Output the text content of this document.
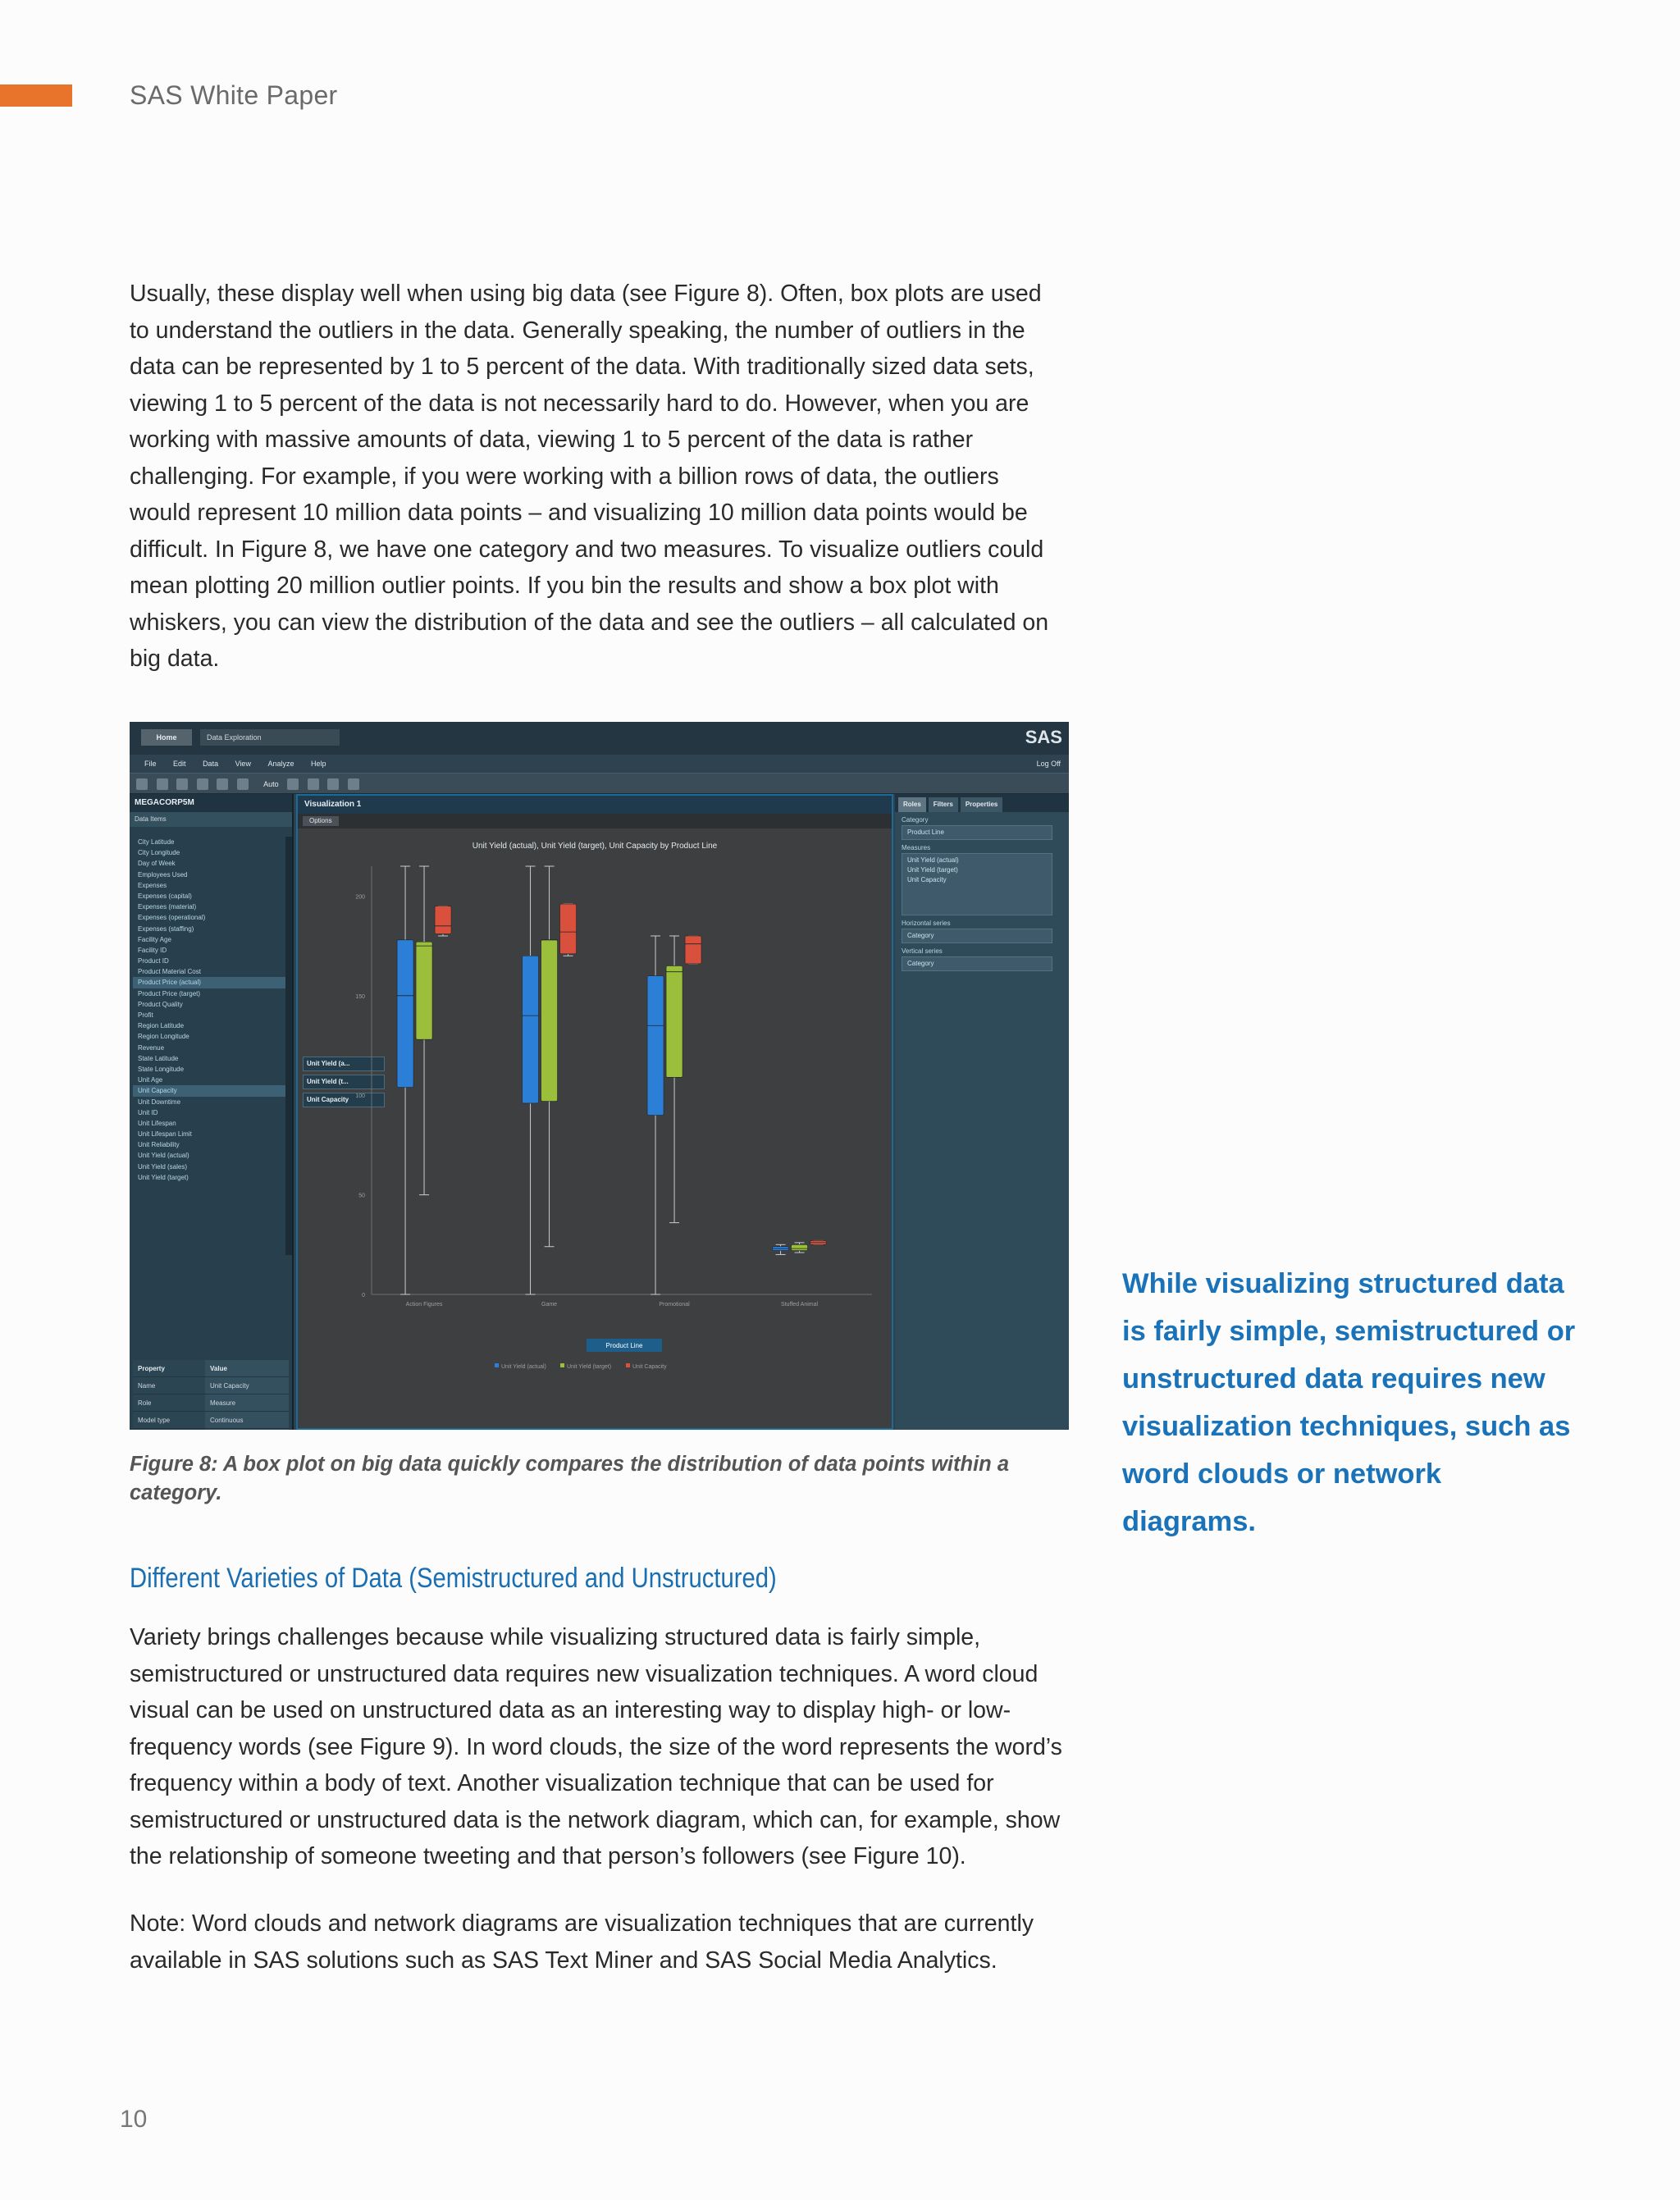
SAS White Paper

Usually, these display well when using big data (see Figure 8). Often, box plots are used to understand the outliers in the data. Generally speaking, the number of outliers in the data can be represented by 1 to 5 percent of the data. With traditionally sized data sets, viewing 1 to 5 percent of the data is not necessarily hard to do. However, when you are working with massive amounts of data, viewing 1 to 5 percent of the data is rather challenging. For example, if you were working with a billion rows of data, the outliers would represent 10 million data points – and visualizing 10 million data points would be difficult. In Figure 8, we have one category and two measures. To visualize outliers could mean plotting 20 million outlier points. If you bin the results and show a box plot with whiskers, you can view the distribution of the data and see the outliers – all calculated on big data.

Home	Data Exploration	SAS
File Edit Data View Analyze Help	Log Off
Auto
MEGACORP5M
Data Items
City Latitude
City Longitude
Day of Week
Employees Used
Expenses
Expenses (capital)
Expenses (material)
Expenses (operational)
Expenses (staffing)
Facility Age
Facility ID
Product ID
Product Material Cost
Product Price (actual)
Product Price (target)
Product Quality
Profit
Region Latitude
Region Longitude
Revenue
State Latitude
State Longitude
Unit Age
Unit Capacity
Unit Downtime
Unit ID
Unit Lifespan
Unit Lifespan Limit
Unit Reliability
Unit Yield (actual)
Unit Yield (sales)
Unit Yield (target)
Property	Value
Name	Unit Capacity
Role	Measure
Model type	Continuous
Visualization 1
Options
Unit Yield (a...
Unit Yield (t...
Unit Capacity
Unit Yield (actual), Unit Yield (target), Unit Capacity by Product Line
0
50
100
150
200
Action Figures	Game	Promotional	Stuffed Animal
Unit Yield (actual)	Unit Yield (target)	Unit Capacity
Product Line
Roles	Filters	Properties
Category
Product Line
Measures
Unit Yield (actual)
Unit Yield (target)
Unit Capacity
Horizontal series
Category
Vertical series
Category
Figure 8: A box plot on big data quickly compares the distribution of data points within a category.
Different Varieties of Data (Semistructured and Unstructured)

Variety brings challenges because while visualizing structured data is fairly simple, semistructured or unstructured data requires new visualization techniques. A word cloud visual can be used on unstructured data as an interesting way to display high- or low-frequency words (see Figure 9). In word clouds, the size of the word represents the word’s frequency within a body of text. Another visualization technique that can be used for semistructured or unstructured data is the network diagram, which can, for example, show the relationship of someone tweeting and that person’s followers (see Figure 10).

Note: Word clouds and network diagrams are visualization techniques that are currently available in SAS solutions such as SAS Text Miner and SAS Social Media Analytics.

While visualizing structured data is fairly simple, semistructured or unstructured data requires new visualization techniques, such as word clouds or network diagrams.
10
